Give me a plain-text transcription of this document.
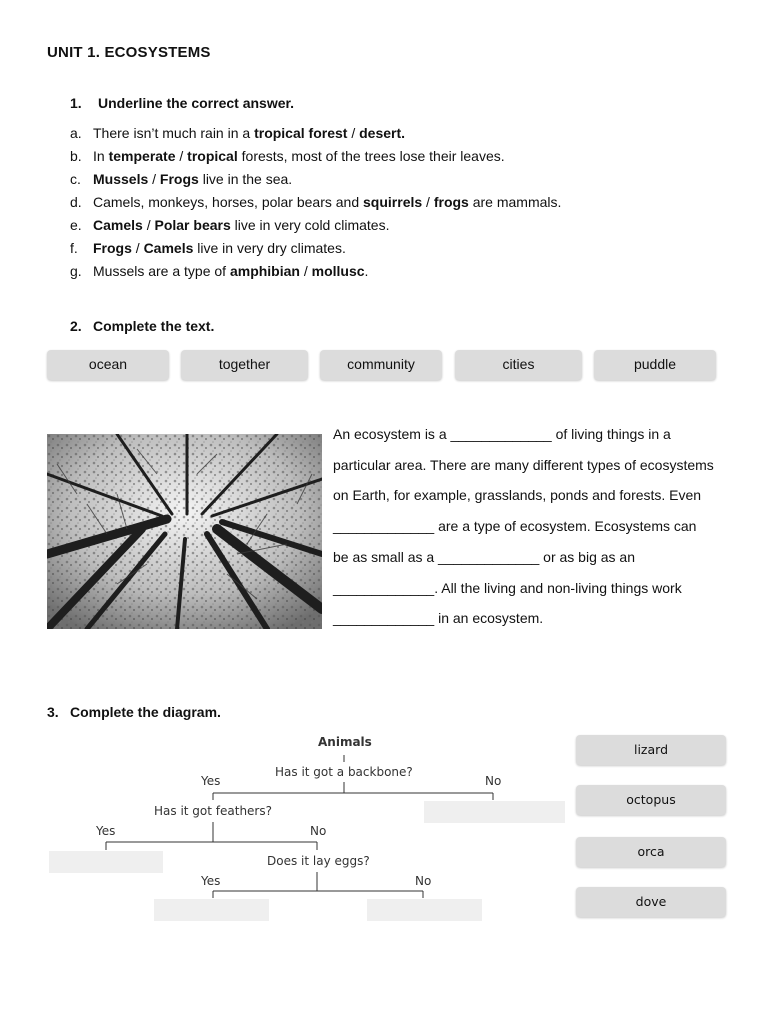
UNIT 1. ECOSYSTEMS
1. Underline the correct answer.
a. There isn’t much rain in a tropical forest / desert.
b. In temperate / tropical forests, most of the trees lose their leaves.
c. Mussels / Frogs live in the sea.
d. Camels, monkeys, horses, polar bears and squirrels / frogs are mammals.
e. Camels / Polar bears live in very cold climates.
f. Frogs / Camels live in very dry climates.
g. Mussels are a type of amphibian / mollusc.
2. Complete the text.
ocean	together	community	cities	puddle
An ecosystem is a _____________ of living things in a
particular area. There are many different types of ecosystems
on Earth, for example, grasslands, ponds and forests. Even
_____________ are a type of ecosystem. Ecosystems can
be as small as a _____________ or as big as an
_____________. All the living and non-living things work
_____________ in an ecosystem.
3. Complete the diagram.
Animals
Has it got a backbone?
Yes	No
Has it got feathers?
Yes	No
Does it lay eggs?
Yes	No
lizard
octopus
orca
dove
